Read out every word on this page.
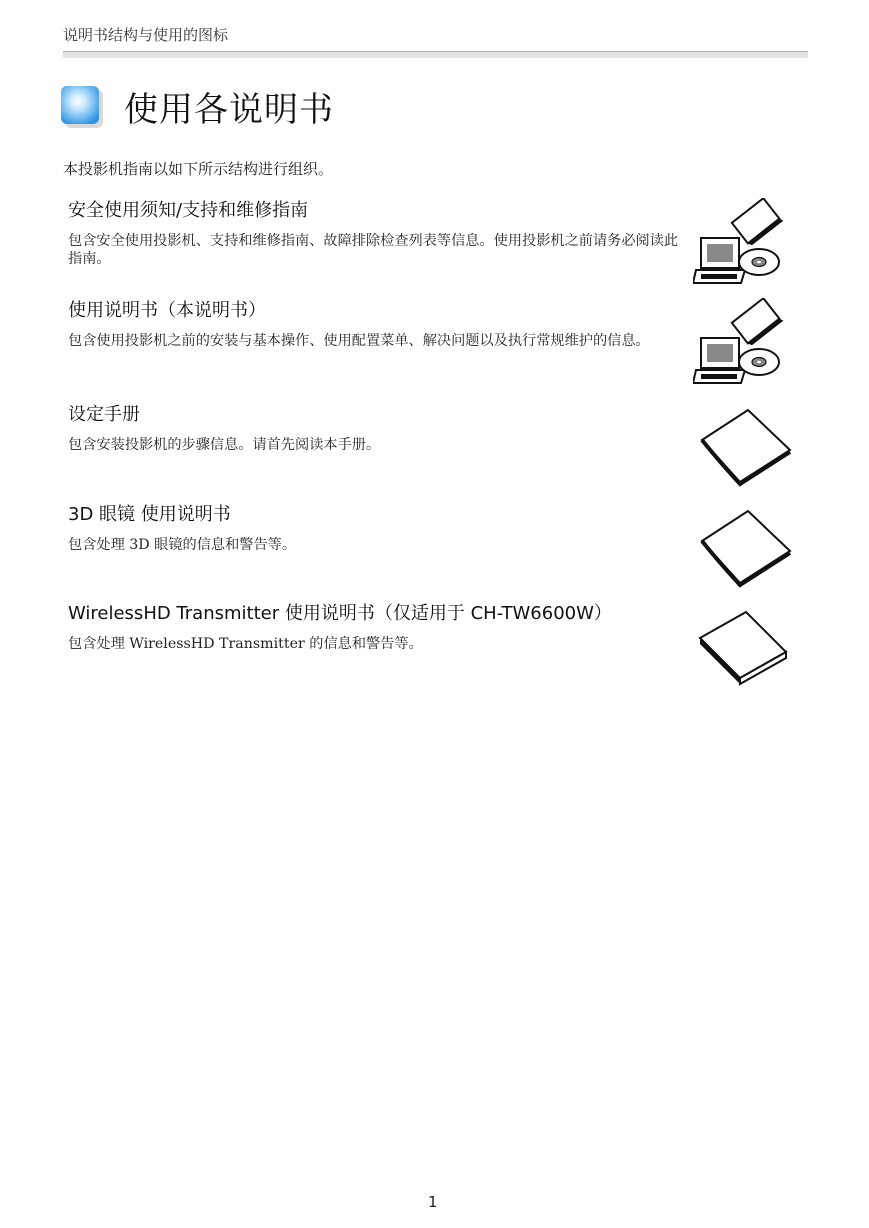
说明书结构与使用的图标
使用各说明书
本投影机指南以如下所示结构进行组织。
安全使用须知/支持和维修指南
包含安全使用投影机、支持和维修指南、故障排除检查列表等信息。使用投影机之前请务必阅读此指南。
使用说明书（本说明书）
包含使用投影机之前的安装与基本操作、使用配置菜单、解决问题以及执行常规维护的信息。
设定手册
包含安装投影机的步骤信息。请首先阅读本手册。
3D 眼镜 使用说明书
包含处理 3D 眼镜的信息和警告等。
WirelessHD Transmitter 使用说明书（仅适用于 CH-TW6600W）
包含处理 WirelessHD Transmitter 的信息和警告等。
1
